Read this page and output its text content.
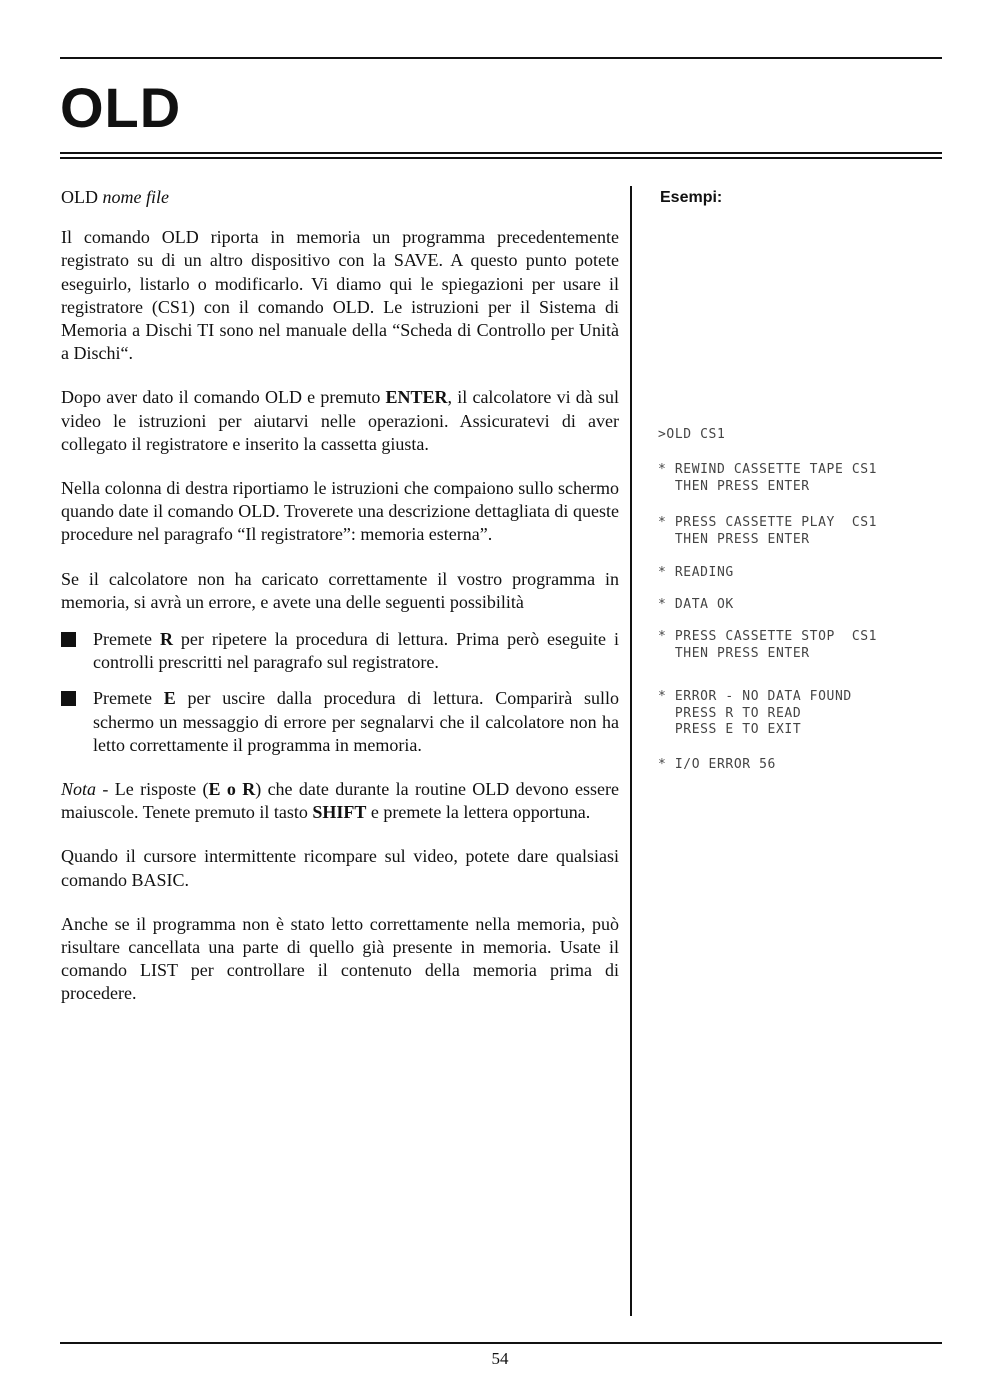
OLD

OLD nome file

Il comando OLD riporta in memoria un programma precedentemente registrato su di un altro dispositivo con la SAVE. A questo punto potete eseguirlo, listarlo o modificarlo. Vi diamo qui le spiegazioni per usare il registratore (CS1) con il comando OLD. Le istruzioni per il Sistema di Memoria a Dischi TI sono nel manuale della “Scheda di Controllo per Unità a Dischi“.

Dopo aver dato il comando OLD e premuto ENTER, il calcolatore vi dà sul video le istruzioni per aiutarvi nelle operazioni. Assicuratevi di aver collegato il registratore e inserito la cassetta giusta.

Nella colonna di destra riportiamo le istruzioni che compaiono sullo schermo quando date il comando OLD. Troverete una descrizione dettagliata di queste procedure nel paragrafo “Il registratore”: memoria esterna”.

Se il calcolatore non ha caricato correttamente il vostro programma in memoria, si avrà un errore, e avete una delle seguenti possibilità

Premete R per ripetere la procedura di lettura. Prima però eseguite i controlli prescritti nel paragrafo sul registratore.
Premete E per uscire dalla procedura di lettura. Comparirà sullo schermo un messaggio di errore per segnalarvi che il calcolatore non ha letto correttamente il programma in memoria.

Nota - Le risposte (E o R) che date durante la routine OLD devono essere maiuscole. Tenete premuto il tasto SHIFT e premete la lettera opportuna.

Quando il cursore intermittente ricompare sul video, potete dare qualsiasi comando BASIC.

Anche se il programma non è stato letto correttamente nella memoria, può risultare cancellata una parte di quello già presente in memoria. Usate il comando LIST per controllare il contenuto della memoria prima di procedere.

Esempi:
>OLD CS1
* REWIND CASSETTE TAPE CS1
THEN PRESS ENTER
* PRESS CASSETTE PLAY  CS1
THEN PRESS ENTER
* READING
* DATA OK
* PRESS CASSETTE STOP  CS1
THEN PRESS ENTER
* ERROR - NO DATA FOUND
PRESS R TO READ
PRESS E TO EXIT
* I/O ERROR 56

54
